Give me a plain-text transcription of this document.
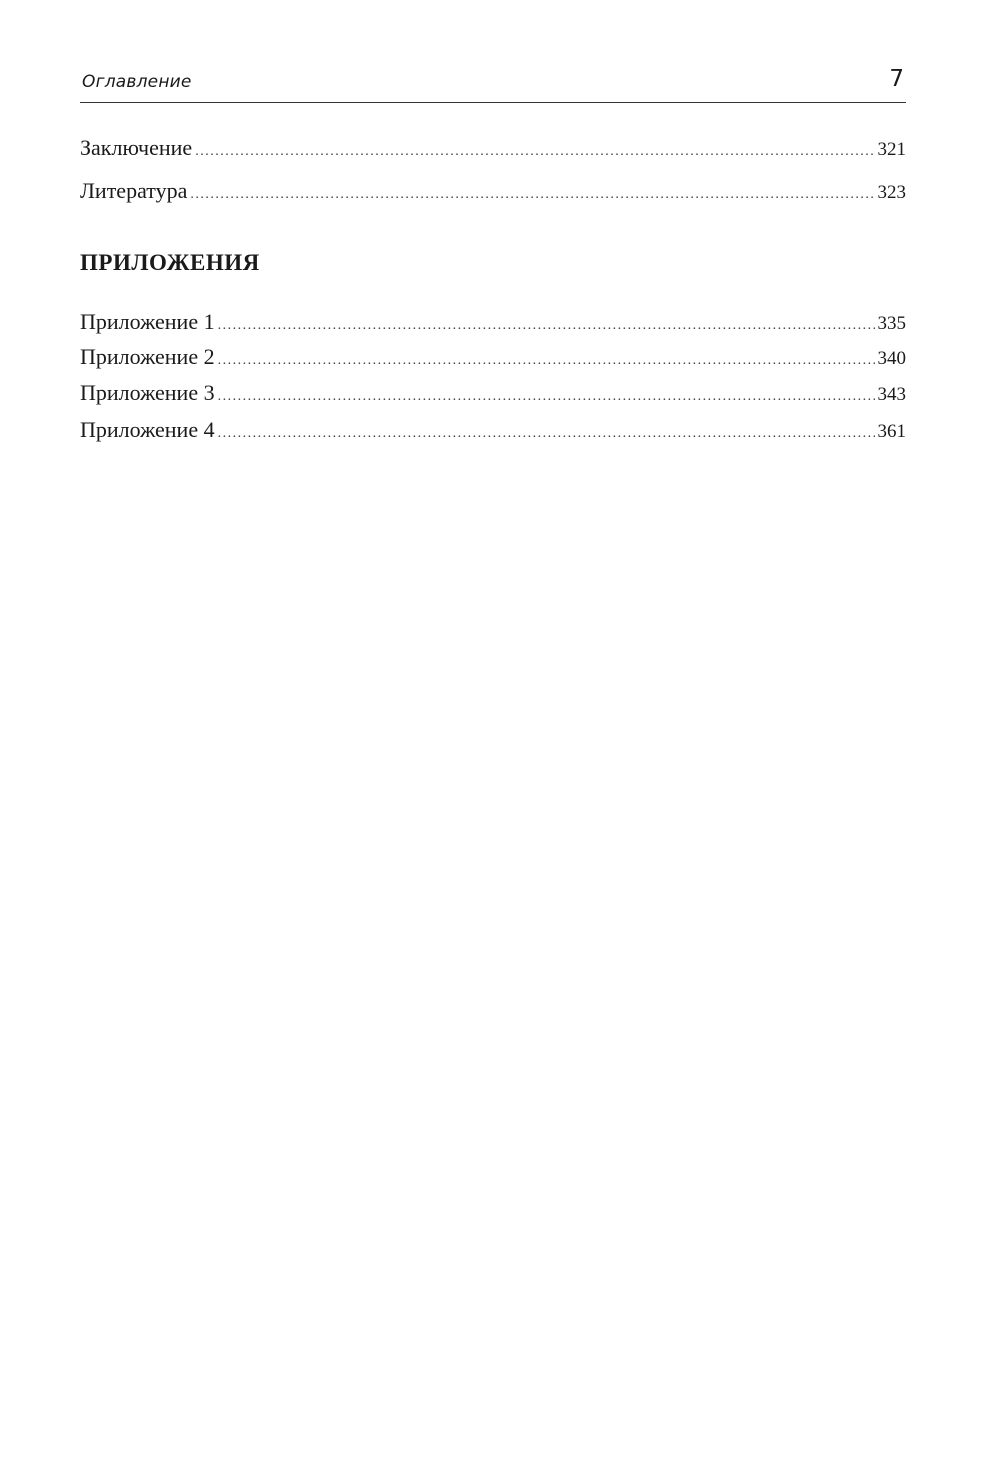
Оглавление	7
Заключение .....	321
Литература .....	323
ПРИЛОЖЕНИЯ
Приложение 1 .....	335
Приложение 2 .....	340
Приложение 3 .....	343
Приложение 4 .....	361
